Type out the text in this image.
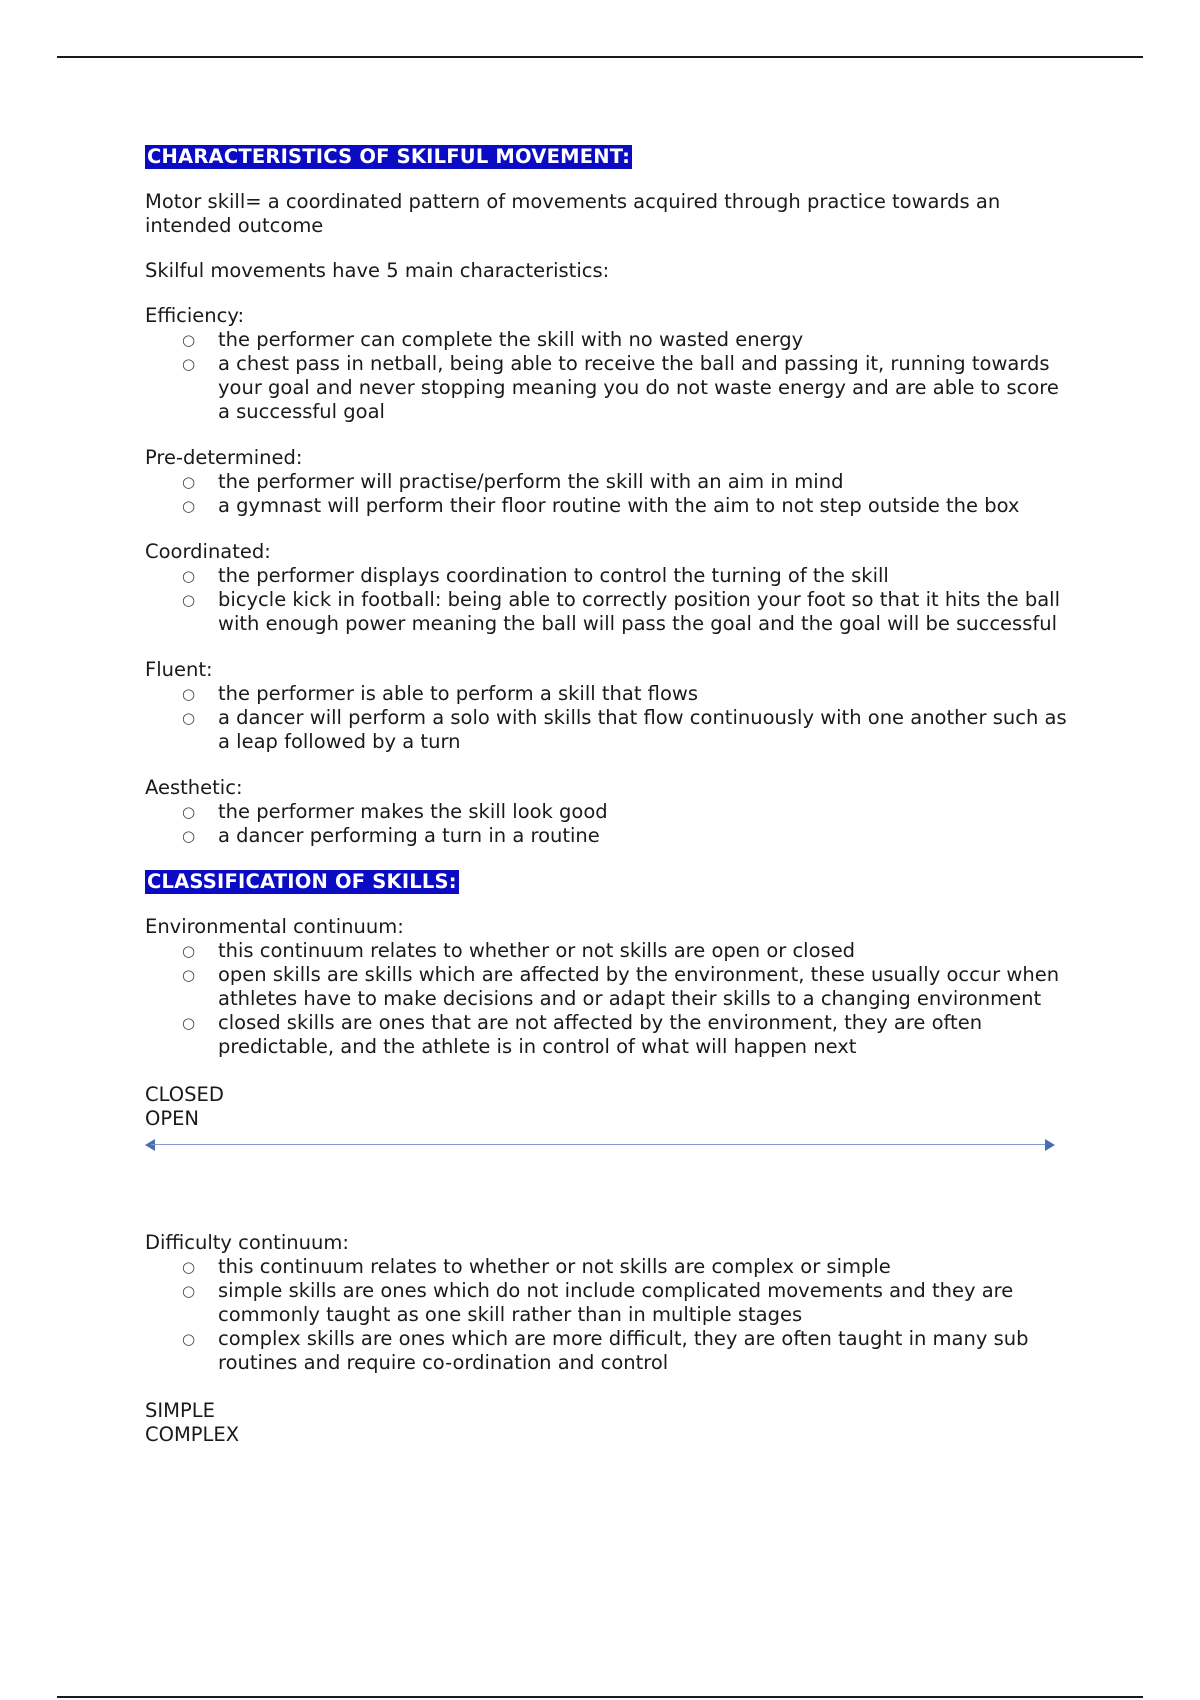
CHARACTERISTICS OF SKILFUL MOVEMENT:

Motor skill= a coordinated pattern of movements acquired through practice towards an intended outcome

Skilful movements have 5 main characteristics:

Efficiency:

○ the performer can complete the skill with no wasted energy
○ a chest pass in netball, being able to receive the ball and passing it, running towards your goal and never stopping meaning you do not waste energy and are able to score a successful goal

Pre-determined:

○ the performer will practise/perform the skill with an aim in mind
○ a gymnast will perform their floor routine with the aim to not step outside the box

Coordinated:

○ the performer displays coordination to control the turning of the skill
○ bicycle kick in football: being able to correctly position your foot so that it hits the ball with enough power meaning the ball will pass the goal and the goal will be successful

Fluent:

○ the performer is able to perform a skill that flows
○ a dancer will perform a solo with skills that flow continuously with one another such as a leap followed by a turn

Aesthetic:

○ the performer makes the skill look good
○ a dancer performing a turn in a routine
CLASSIFICATION OF SKILLS:

Environmental continuum:

○ this continuum relates to whether or not skills are open or closed
○ open skills are skills which are affected by the environment, these usually occur when athletes have to make decisions and or adapt their skills to a changing environment
○ closed skills are ones that are not affected by the environment, they are often predictable, and the athlete is in control of what will happen next

CLOSED

OPEN

Difficulty continuum:

○ this continuum relates to whether or not skills are complex or simple
○ simple skills are ones which do not include complicated movements and they are commonly taught as one skill rather than in multiple stages
○ complex skills are ones which are more difficult, they are often taught in many sub routines and require co-ordination and control

SIMPLE

COMPLEX
